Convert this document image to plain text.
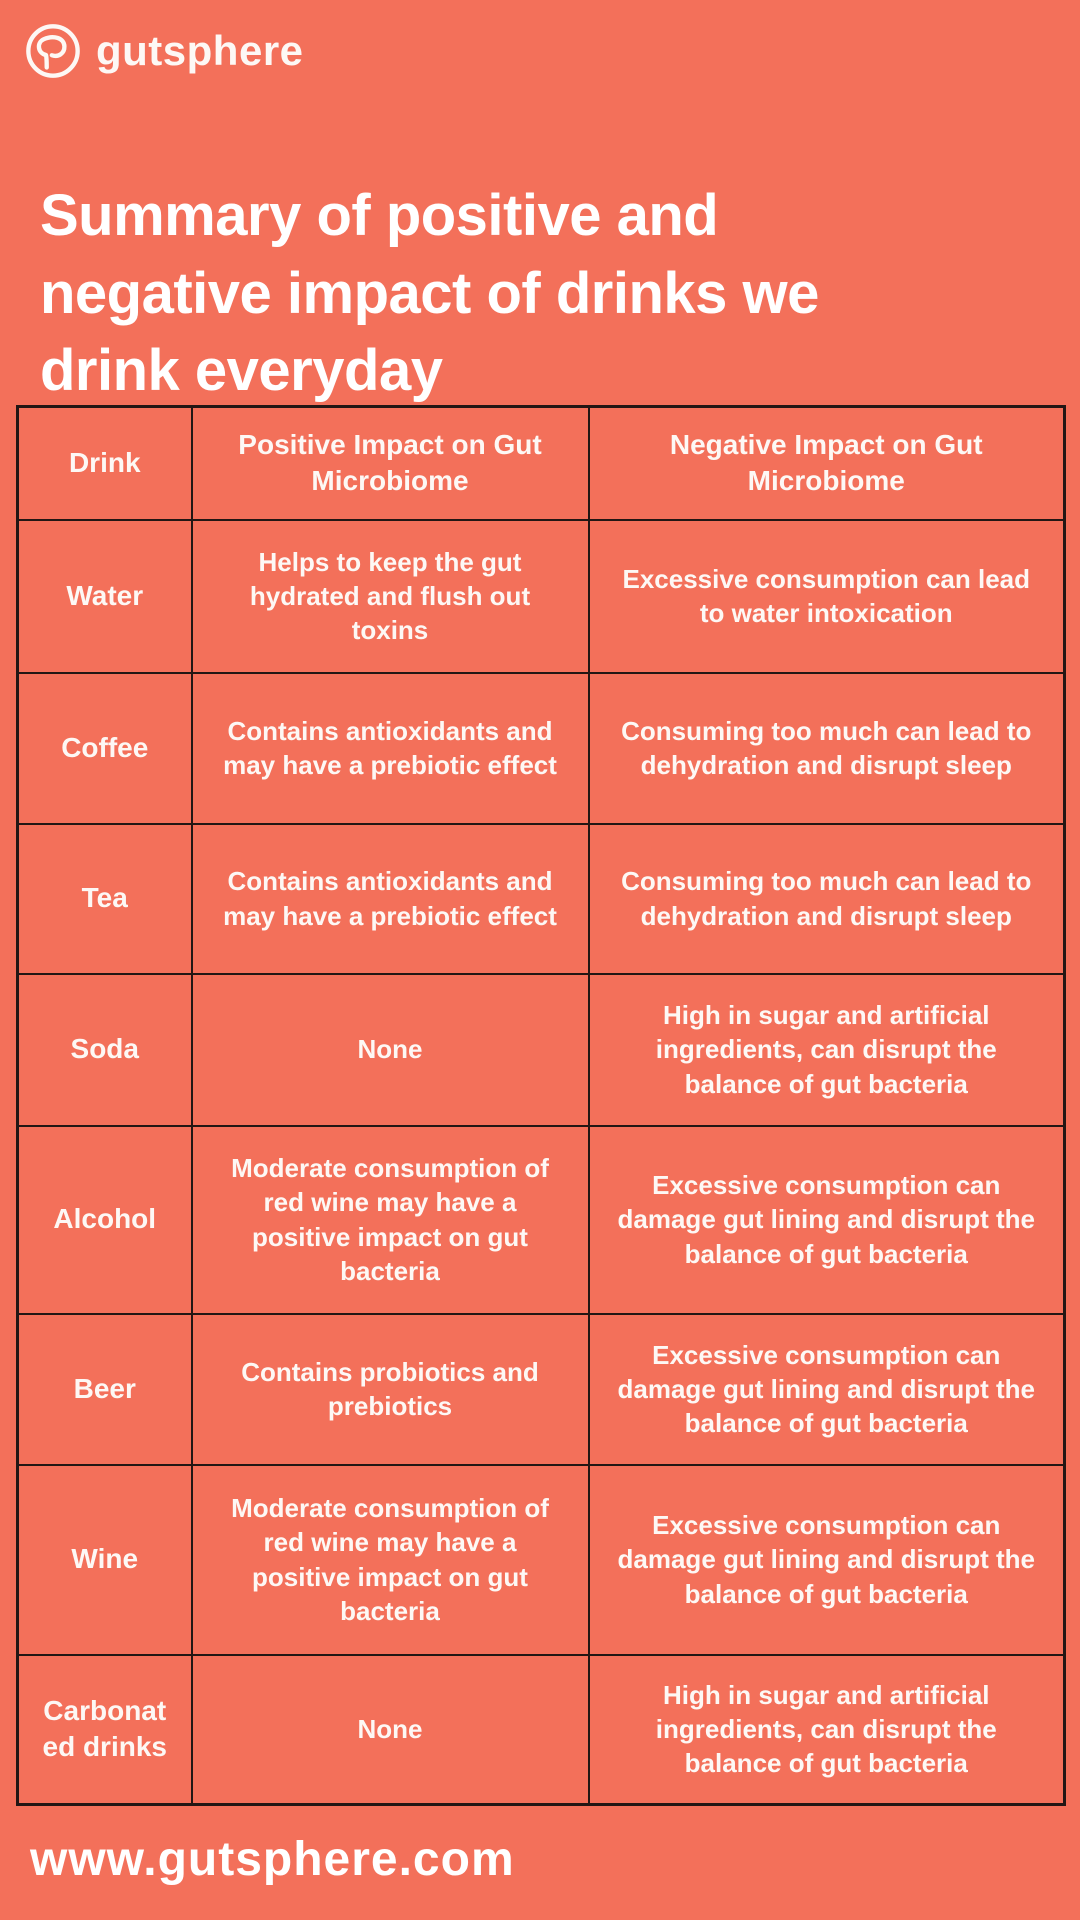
gutsphere
Summary of positive and
negative impact of drinks we
drink everyday
Drink	Positive Impact on Gut Microbiome	Negative Impact on Gut Microbiome
Water	Helps to keep the gut hydrated and flush out toxins	Excessive consumption can lead to water intoxication
Coffee	Contains antioxidants and may have a prebiotic effect	Consuming too much can lead to dehydration and disrupt sleep
Tea	Contains antioxidants and may have a prebiotic effect	Consuming too much can lead to dehydration and disrupt sleep
Soda	None	High in sugar and artificial ingredients, can disrupt the balance of gut bacteria
Alcohol	Moderate consumption of red wine may have a positive impact on gut bacteria	Excessive consumption can damage gut lining and disrupt the balance of gut bacteria
Beer	Contains probiotics and prebiotics	Excessive consumption can damage gut lining and disrupt the balance of gut bacteria
Wine	Moderate consumption of red wine may have a positive impact on gut bacteria	Excessive consumption can damage gut lining and disrupt the balance of gut bacteria
Carbonated drinks	None	High in sugar and artificial ingredients, can disrupt the balance of gut bacteria
www.gutsphere.com
